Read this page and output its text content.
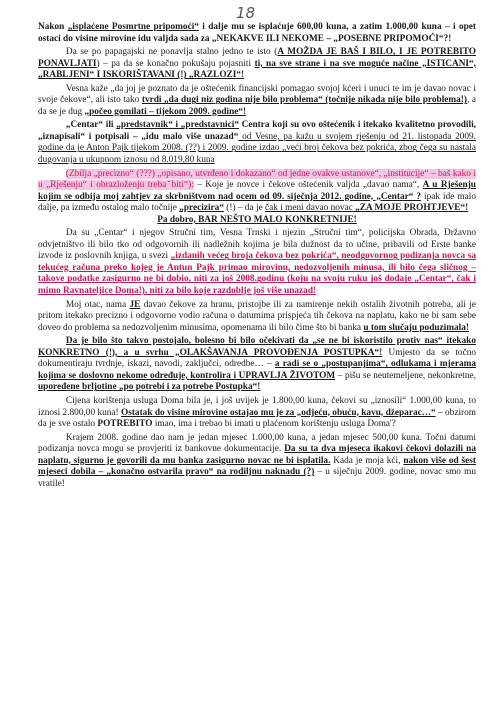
18

Nakon „isplaćene Posmrtne pripomoći“ i dalje mu se isplaćuje 600,00 kuna, a zatim 1.000,00 kuna – i opet ostaci do visine mirovine idu valjda sada za „NEKAKVE ILI NEKOME – „POSEBNE PRIPOMOĆI“?!

   Da se po papagajski ne ponavlja stalno jedno te isto (A MOŽDA JE BAŠ I BILO, I JE POTREBITO PONAVLJATI) – pa da se konačno pokušaju pojasniti ti, na sve strane i na sve moguće načine „ISTICANI“, „RABLJENI“ I ISKORIŠTAVANI (!) „RAZLOZI“!

   Vesna kaže „da joj je poznato da je oštećenik financijski pomagao svojoj kćeri i unuci te im je davao novac i svoje čekove“, ali isto tako tvrdi „da dugi niz godina nije bilo problema“ (točnije nikada nije bilo problema!), a da se je dug „počeo gomilati – tijekom 2009. godine“!

   „Centar“ ili „predstavnik“ i „predstavnici“ Centra koji su ovo oštećenik i itekako kvalitetno provodili, „iznapisali“ i potpisali – „idu malo više unazad“ od Vesne, pa kažu u svojem rješenju od 21. listopada 2009. godine da je Anton Pajk tijekom 2008. (??) i 2009. godine izdao „veći broj čekova bez pokrića, zbog čega su nastala dugovanja u ukupnom iznosu od 8.019,80 kuna

   (Zbilja „precizno“ (???) „opisano, utvrđeno i dokazano“ od jedne ovakve ustanove“, „institucije“ – baš kako i u „Rješenju“ i obrazloženju trebaˇbiti“): – Koje je novce i čekove oštećenik valjda „davao nama“, A u Rješenju kojim se odbija moj zahtjev za skrbništvom nad ocem od 09. siječnja 2012. godine, „Centar“ ? ipak ide malo dalje, pa između ostalog malo točnije „precizira“ (!) – da je čak i meni davao novac „ZA MOJE PROHTJEVE“!

Pa dobro, BAR NEŠTO MALO KONKRETNIJE!

   Da su „Centar“ i njegov Stručni tim, Vesna Trnski i njezin „Stručni tim“, policijska Obrada, Državno odvjetništvo ili bilo tko od odgovornih ili nadležnih kojima je bila dužnost da to učine, pribavili od Erste banke izvode iz poslovnih knjiga, u svezi „izdanih većeg broja čekova bez pokrića“, neodgovornog podizanja novca sa tekućeg računa preko kojeg je Antun Pajk primao mirovinu, nedozvoljenih minusa, ili bilo čega sličnog – takove podatke zasigurno ne bi dobio, niti za još 2008.godinu (koju na svoju ruku još dodaje „Centar“, čak i mimo Ravnateljice Doma!), niti za bilo koje razdoblje još više unazad!

   Moj otac, nama JE davao čekove za hranu, pristojbe ili za namirenje nekih ostalih životnih potreba, ali je pritom itekako precizno i odgovorno vodio računa o datumima prispjeća tih čekova na naplatu, kako ne bi sam sebe doveo do problema sa nedozvoljenim minusima, opomenama ili bilo čime što bi banka u tom slučaju poduzimala!

   Da je bilo što takvo postojalo, bolesno bi bilo očekivati da „se ne bi iskoristilo protiv nas“ itekako KONKRETNO (!), a u svrhu „OLAKŠAVANJA PROVOĐENJA POSTUPKA“! Umjesto da se točno dokumentiraju tvrdnje, iskazi, navodi, zaključci, odredbe… – a radi se o „postupanjima“, odlukama i mjerama kojima se doslovno nekome određuje, kontrolira i UPRAVLJA ŽIVOTOM – pišu se neutemeljene, nekonkretne, upoređene brljotine „po potrebi i za potrebe Postupka“!

   Cijena korištenja usluga Doma bila je, i još uvijek je 1.800,00 kuna, čekovi su „iznosili“ 1.000,00 kuna, to iznosi 2.800,00 kuna! Ostatak do visine mirovine ostajao mu je za „odjeću, obuću, kavu, džeparac…“ – obzirom da je sve ostalo POTREBITO imao, ima i trebao bi imati u plaćenom korištenju usluga Doma'?

   Krajem 2008. godine dao nam je jedan mjesec 1.000,00 kuna, a jedan mjesec 500,00 kuna. Točni datumi podizanja novca mogu se provjeriti iz bankovne dokumentacije. Da su ta dva mjeseca ikakovi čekovi dolazili na naplatu, sigurno je govorili da mu banka zasigurno novac ne bi isplatila. Kada je moja kći, nakon više od šest mjeseci dobila – „konačno ostvarila pravo“ na rodiljnu naknadu (?) – u siječnju 2009. godine, novac smo mu vratile!
